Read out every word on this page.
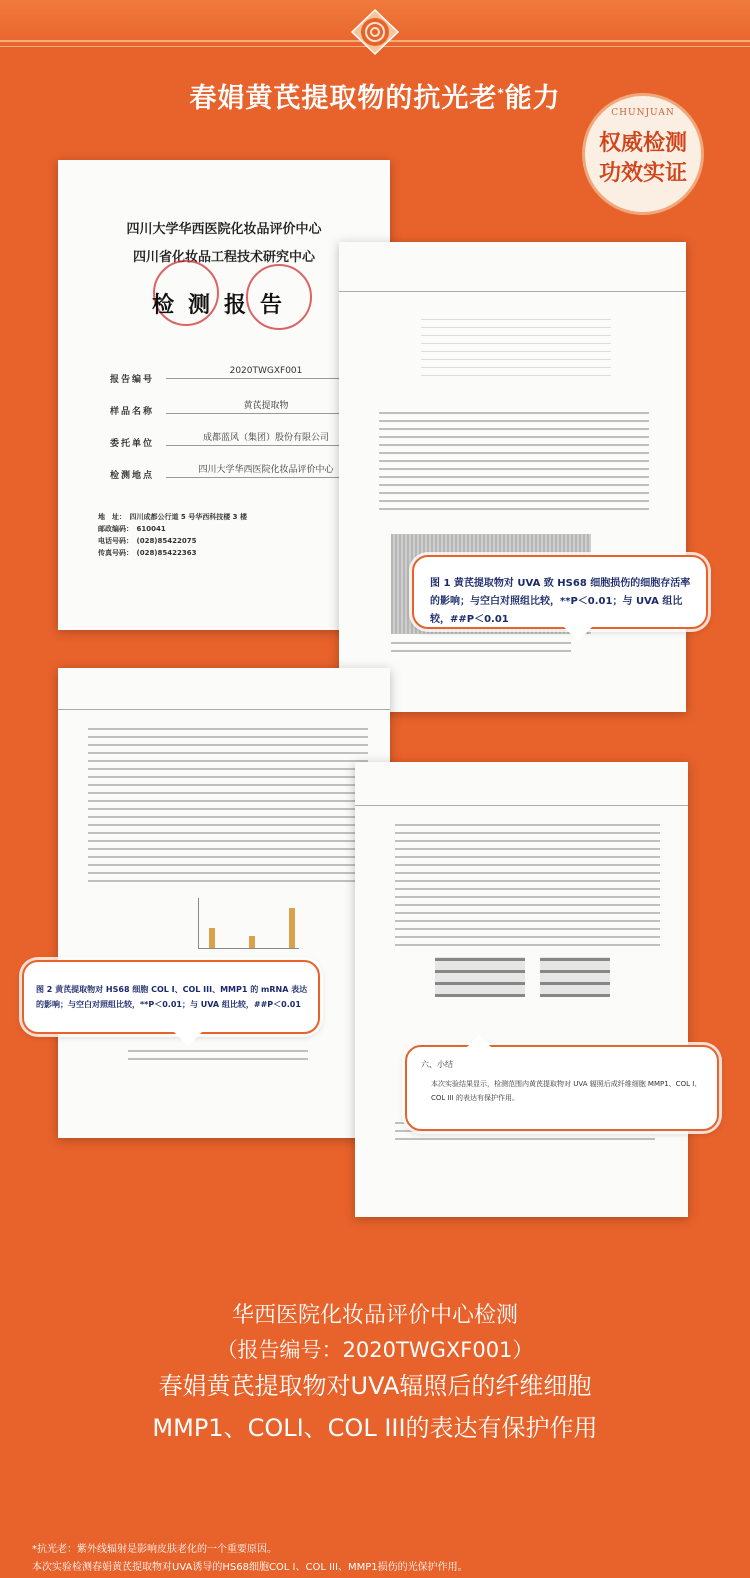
春娟黄芪提取物的抗光老*能力	CHUNJUAN
权威检测
功效实证
四川大学华西医院化妆品评价中心
四川省化妆品工程技术研究中心
检测报告
报告编号
2020TWGXF001
样品名称
黄芪提取物
委托单位
成都蓝风（集团）股份有限公司
检测地点
四川大学华西医院化妆品评价中心
地　址：　四川成都公行道 5 号华西科技楼 3 楼
邮政编码：　610041
电话号码：　(028)85422075
传真号码：　(028)85422363

图 1 黄芪提取物对 UVA 致 HS68 细胞损伤的细胞存活率的影响；与空白对照组比较，**P＜0.01；与 UVA 组比较，##P＜0.01
图 2 黄芪提取物对 HS68 细胞 COL I、COL III、MMP1 的 mRNA 表达的影响；与空白对照组比较，**P＜0.01；与 UVA 组比较，##P＜0.01
六、小结
本次实验结果显示，检测范围内黄芪提取物对 UVA 辐照后成纤维细胞 MMP1、COL I、COL III 的表达有保护作用。
华西医院化妆品评价中心检测
（报告编号：2020TWGXF001）
春娟黄芪提取物对UVA辐照后的纤维细胞
MMP1、COLI、COL III的表达有保护作用
*抗光老：紫外线辐射是影响皮肤老化的一个重要原因。
本次实验检测春娟黄芪提取物对UVA诱导的HS68细胞COL I、COL III、MMP1损伤的光保护作用。
